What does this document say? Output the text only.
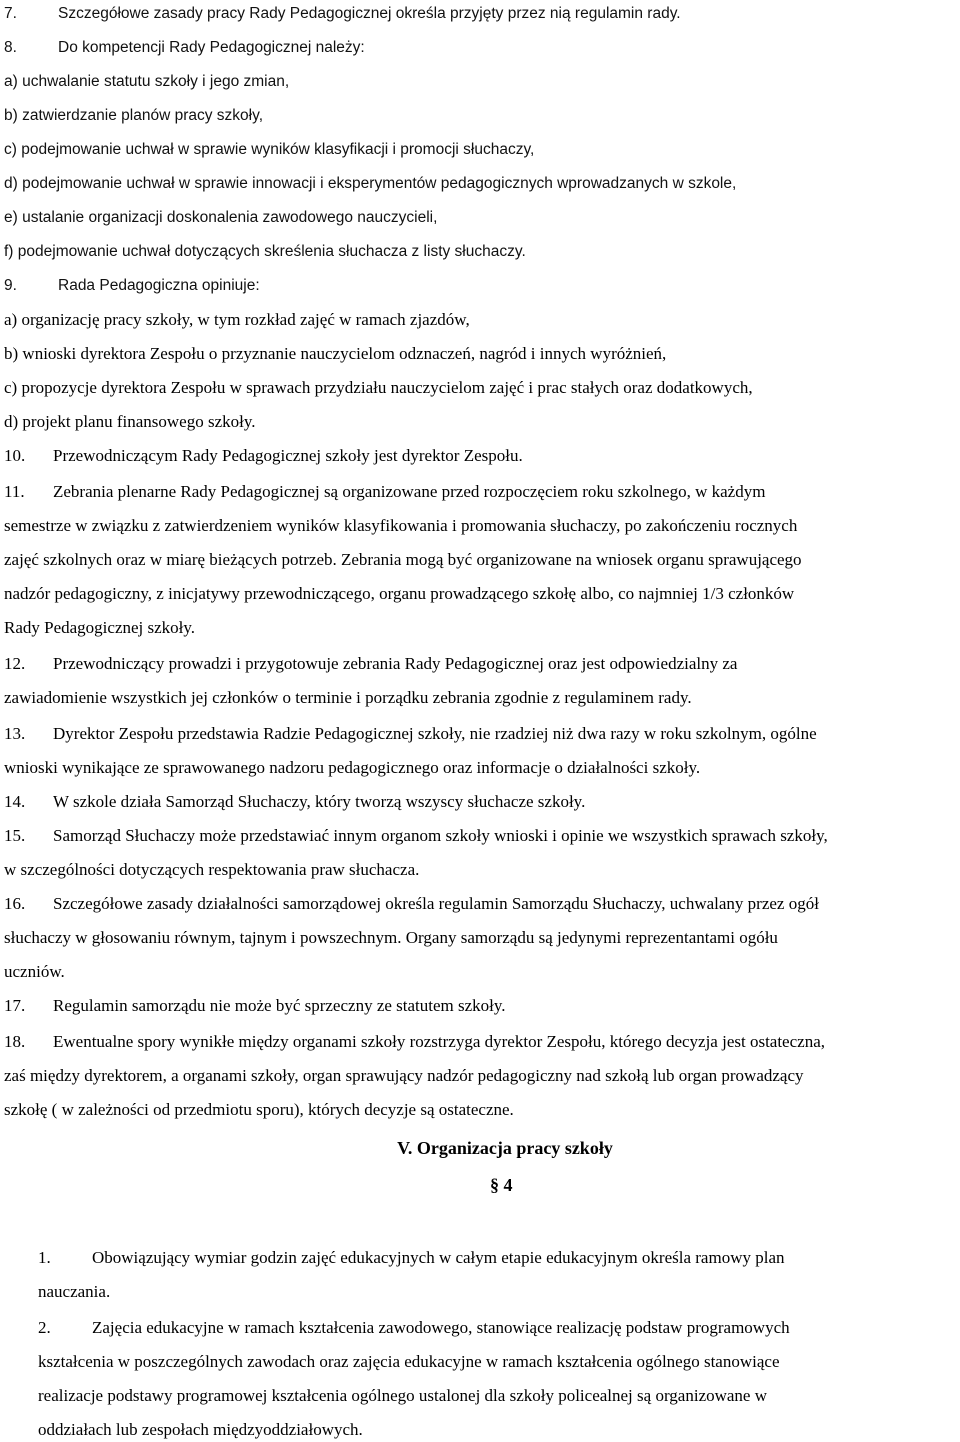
7.	Szczegółowe zasady pracy Rady Pedagogicznej określa przyjęty przez nią regulamin rady.
8.	Do kompetencji Rady Pedagogicznej należy:
a) uchwalanie statutu szkoły i jego zmian,
b) zatwierdzanie planów pracy szkoły,
c) podejmowanie uchwał w sprawie wyników klasyfikacji i promocji słuchaczy,
d) podejmowanie uchwał w sprawie innowacji i eksperymentów pedagogicznych wprowadzanych w szkole,
e) ustalanie organizacji doskonalenia zawodowego nauczycieli,
f) podejmowanie uchwał dotyczących skreślenia słuchacza z listy słuchaczy.
9.	Rada Pedagogiczna opiniuje:
a) organizację pracy szkoły, w tym rozkład zajęć w ramach zjazdów,
b) wnioski dyrektora Zespołu o przyznanie nauczycielom odznaczeń, nagród i innych wyróżnień,
c) propozycje dyrektora Zespołu w sprawach przydziału nauczycielom zajęć i prac stałych oraz dodatkowych,
d) projekt planu finansowego szkoły.
10. Przewodniczącym Rady Pedagogicznej szkoły jest dyrektor Zespołu.
11. Zebrania plenarne Rady Pedagogicznej są organizowane przed rozpoczęciem roku szkolnego, w każdym
semestrze w związku z zatwierdzeniem wyników klasyfikowania i promowania słuchaczy, po zakończeniu rocznych
zajęć szkolnych oraz w miarę bieżących potrzeb. Zebrania mogą być organizowane na wniosek organu sprawującego
nadzór pedagogiczny, z inicjatywy przewodniczącego, organu prowadzącego szkołę albo, co najmniej 1/3 członków
Rady Pedagogicznej szkoły.
12. Przewodniczący prowadzi i przygotowuje zebrania Rady Pedagogicznej oraz jest odpowiedzialny za
zawiadomienie wszystkich jej członków o terminie i porządku zebrania zgodnie z regulaminem rady.
13. Dyrektor Zespołu przedstawia Radzie Pedagogicznej szkoły, nie rzadziej niż dwa razy w roku szkolnym, ogólne
wnioski wynikające ze sprawowanego nadzoru pedagogicznego oraz informacje o działalności szkoły.
14. W szkole działa Samorząd Słuchaczy, który tworzą wszyscy słuchacze szkoły.
15. Samorząd Słuchaczy może przedstawiać innym organom szkoły wnioski i opinie we wszystkich sprawach szkoły,
w szczególności dotyczących respektowania praw słuchacza.
16. Szczegółowe zasady działalności samorządowej określa regulamin Samorządu Słuchaczy, uchwalany przez ogół
słuchaczy w głosowaniu równym, tajnym i powszechnym. Organy samorządu są jedynymi reprezentantami ogółu
uczniów.
17. Regulamin samorządu nie może być sprzeczny ze statutem szkoły.
18. Ewentualne spory wynikłe między organami szkoły rozstrzyga dyrektor Zespołu, którego decyzja jest ostateczna,
zaś między dyrektorem, a organami szkoły, organ sprawujący nadzór pedagogiczny nad szkołą lub organ prowadzący
szkołę ( w zależności od przedmiotu sporu), których decyzje są ostateczne.
V. Organizacja pracy szkoły
§ 4
1. Obowiązujący wymiar godzin zajęć edukacyjnych w całym etapie edukacyjnym określa ramowy plan
nauczania.
2. Zajęcia edukacyjne w ramach kształcenia zawodowego, stanowiące realizację podstaw programowych
kształcenia w poszczególnych zawodach oraz zajęcia edukacyjne w ramach kształcenia ogólnego stanowiące
realizacje podstawy programowej kształcenia ogólnego ustalonej dla szkoły policealnej są organizowane w
oddziałach lub zespołach międzyoddziałowych.
